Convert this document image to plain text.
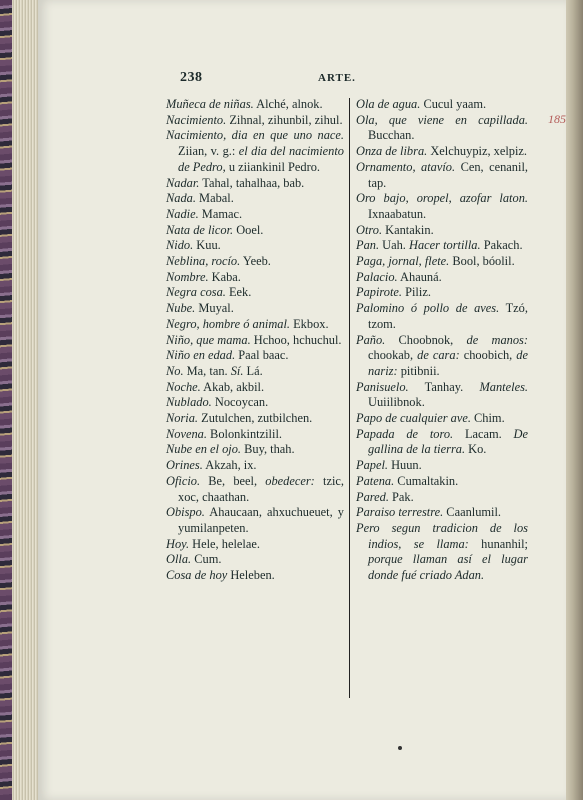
238	ARTE.
185

Muñeca de niñas. Alché, alnok.

Nacimiento. Zihnal, zihunbil, zihul.

Nacimiento, dia en que uno nace. Ziian, v. g.: el dia del nacimiento de Pedro, u ziiankinil Pedro.

Nadar. Tahal, tahalhaa, bab.

Nada. Mabal.

Nadie. Mamac.

Nata de licor. Ooel.

Nido. Kuu.

Neblina, rocío. Yeeb.

Nombre. Kaba.

Negra cosa. Eek.

Nube. Muyal.

Negro, hombre ó animal. Ekbox.

Niño, que mama. Hchoo, hchuchul.

Niño en edad. Paal baac.

No. Ma, tan. Sí. Lá.

Noche. Akab, akbil.

Nublado. Nocoycan.

Noria. Zutulchen, zutbilchen.

Novena. Bolonkintzilil.

Nube en el ojo. Buy, thah.

Orines. Akzah, ix.

Oficio. Be, beel, obedecer: tzic, xoc, chaathan.

Obispo. Ahaucaan, ahxuchueuet, y yumilanpeten.

Hoy. Hele, helelae.

Olla. Cum.

Cosa de hoy Heleben.

Ola de agua. Cucul yaam.

Ola, que viene en capillada. Bucchan.

Onza de libra. Xelchuypiz, xelpiz.

Ornamento, atavío. Cen, cenanil, tap.

Oro bajo, oropel, azofar laton. Ixnaabatun.

Otro. Kantakin.

Pan. Uah. Hacer tortilla. Pakach.

Paga, jornal, flete. Bool, bóolil.

Palacio. Ahauná.

Papirote. Piliz.

Palomino ó pollo de aves. Tzó, tzom.

Paño. Choobnok, de manos: chookab, de cara: choobich, de nariz: pitibnii.

Panisuelo. Tanhay. Manteles. Uuiilibnok.

Papo de cualquier ave. Chim.

Papada de toro. Lacam. De gallina de la tierra. Ko.

Papel. Huun.

Patena. Cumaltakin.

Pared. Pak.

Paraiso terrestre. Caanlumil.

Pero segun tradicion de los indios, se llama: hunanhil; porque llaman así el lugar donde fué criado Adan.
